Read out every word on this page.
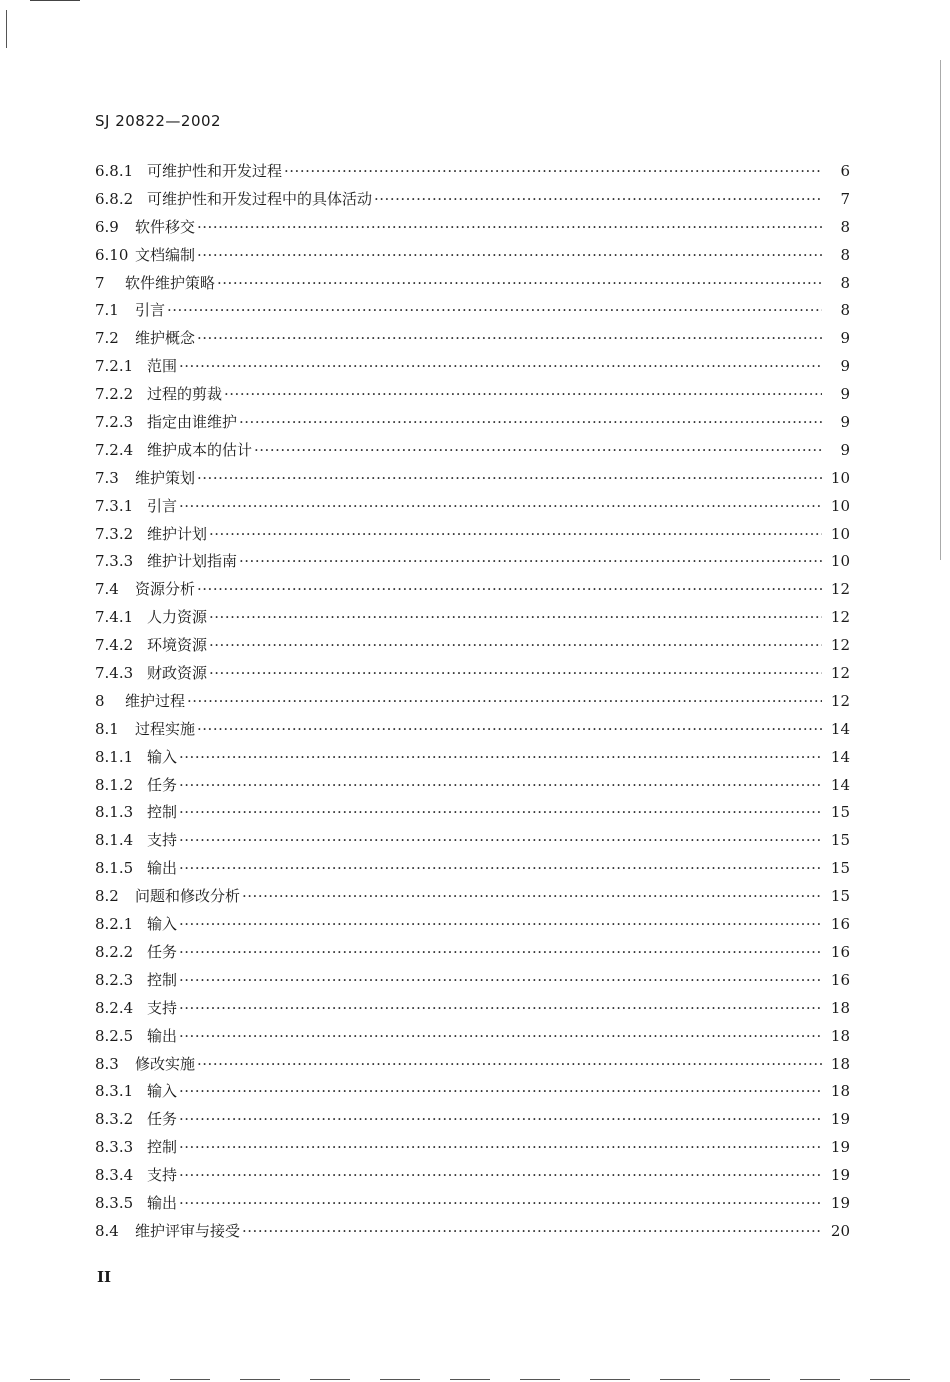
SJ 20822—2002
6.8.1 可维护性和开发过程 ·····	6
6.8.2 可维护性和开发过程中的具体活动 ·····	7
6.9	软件移交 ·····	8
6.10 文档编制 ·····	8
7	软件维护策略 ·····	8
7.1	引言 ·····	8
7.2	维护概念 ·····	9
7.2.1 范围 ·····	9
7.2.2 过程的剪裁 ·····	9
7.2.3 指定由谁维护 ·····	9
7.2.4 维护成本的估计 ·····	9
7.3	维护策划 ·····	10
7.3.1 引言 ·····	10
7.3.2 维护计划 ·····	10
7.3.3 维护计划指南 ·····	10
7.4	资源分析 ·····	12
7.4.1 人力资源 ·····	12
7.4.2 环境资源 ·····	12
7.4.3 财政资源 ·····	12
8	维护过程 ·····	12
8.1	过程实施 ·····	14
8.1.1 输入 ·····	14
8.1.2 任务 ·····	14
8.1.3 控制 ·····	15
8.1.4 支持 ·····	15
8.1.5 输出 ·····	15
8.2	问题和修改分析 ·····	15
8.2.1 输入 ·····	16
8.2.2 任务 ·····	16
8.2.3 控制 ·····	16
8.2.4 支持 ·····	18
8.2.5 输出 ·····	18
8.3	修改实施 ·····	18
8.3.1 输入 ·····	18
8.3.2 任务 ·····	19
8.3.3 控制 ·····	19
8.3.4 支持 ·····	19
8.3.5 输出 ·····	19
8.4	维护评审与接受 ·····	20
II
